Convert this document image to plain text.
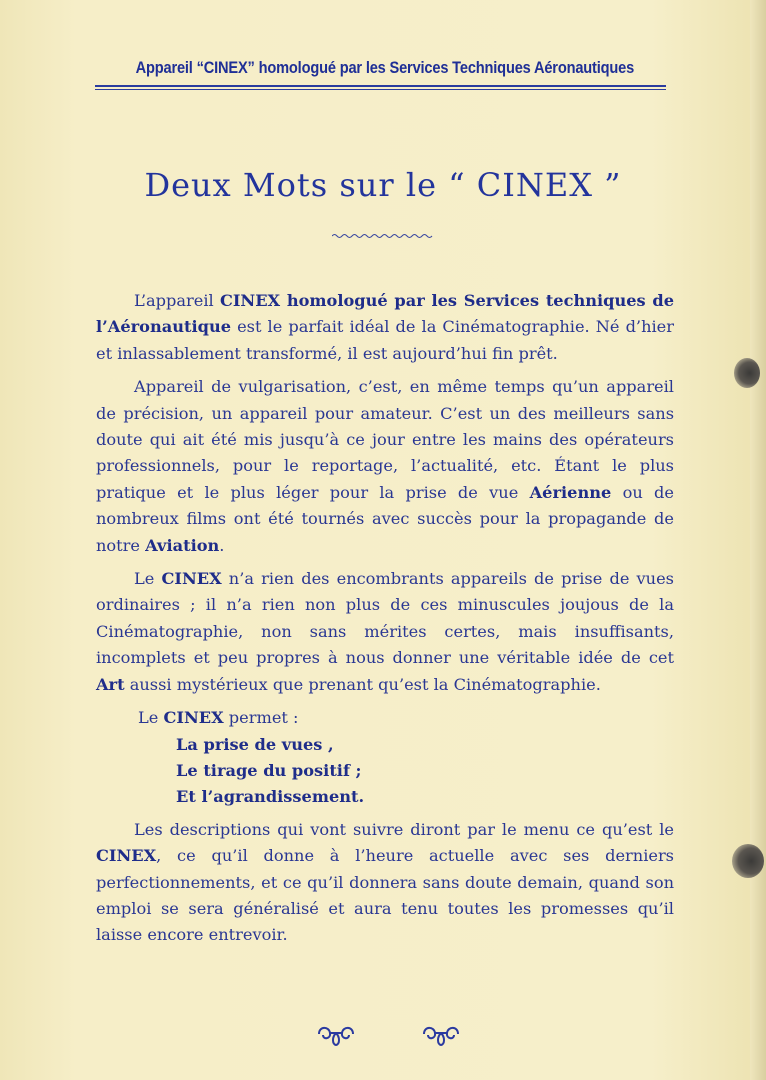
Appareil “CINEX” homologué par les Services Techniques Aéronautiques
Deux Mots sur le “ CINEX ”

L’appareil CINEX homologué par les Services techniques de l’Aéronautique est le parfait idéal de la Cinématographie. Né d’hier et inlassablement transformé, il est aujourd’hui fin prêt.

Appareil de vulgarisation, c’est, en même temps qu’un appareil de précision, un appareil pour amateur. C’est un des meilleurs sans doute qui ait été mis jusqu’à ce jour entre les mains des opérateurs professionnels, pour le reportage, l’actualité, etc. Étant le plus pratique et le plus léger pour la prise de vue Aérienne ou de nombreux films ont été tournés avec succès pour la propagande de notre Aviation.

Le CINEX n’a rien des encombrants appareils de prise de vues ordinaires ; il n’a rien non plus de ces minuscules joujous de la Cinématographie, non sans mérites certes, mais insuffisants, incomplets et peu propres à nous donner une véritable idée de cet Art aussi mystérieux que prenant qu’est la Cinématographie.

Le CINEX permet :
La prise de vues ,
Le tirage du positif ;
Et l’agrandissement.

Les descriptions qui vont suivre diront par le menu ce qu’est le CINEX, ce qu’il donne à l’heure actuelle avec ses derniers perfectionnements, et ce qu’il donnera sans doute demain, quand son emploi se sera généralisé et aura tenu toutes les promesses qu’il laisse encore entrevoir.
